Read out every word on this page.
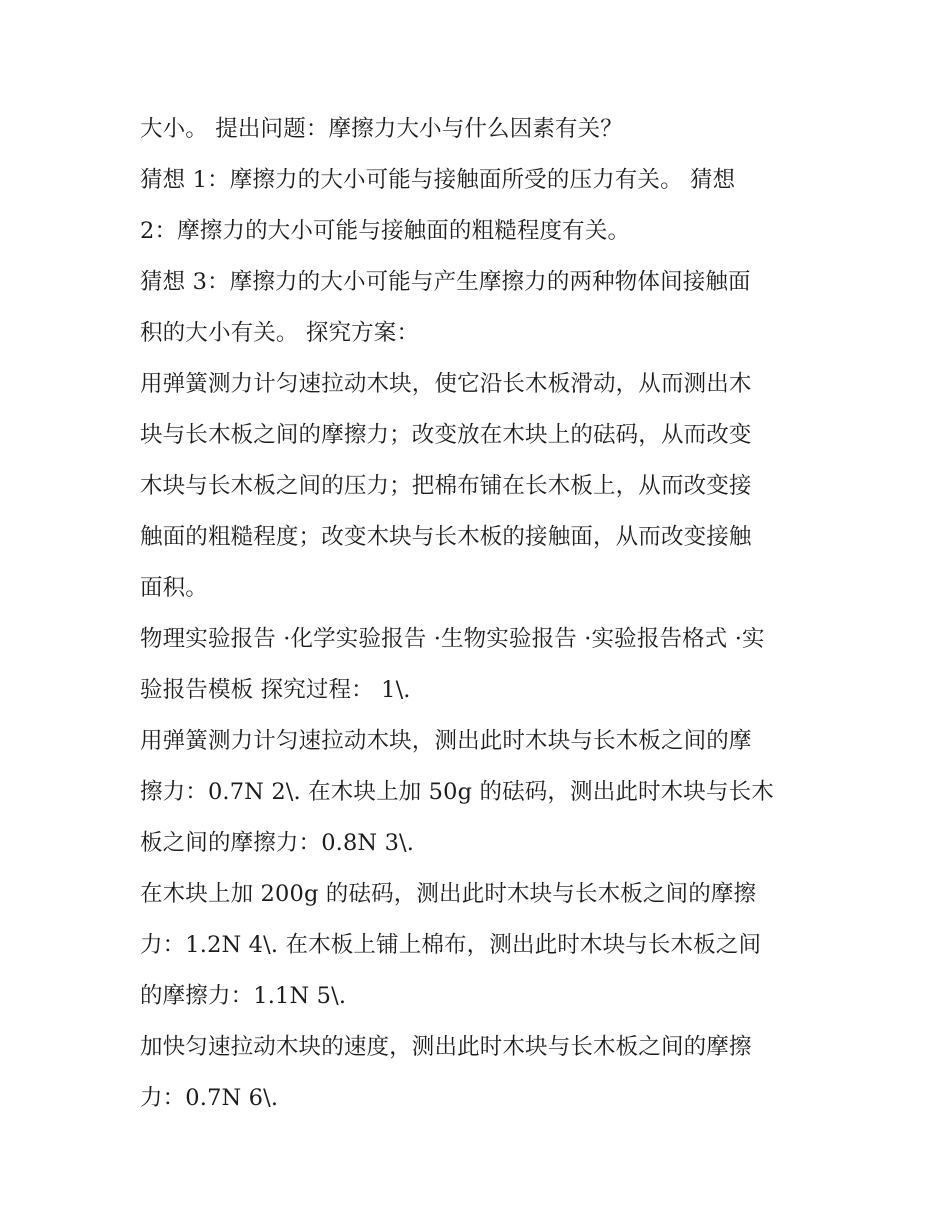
大小。 提出问题：摩擦力大小与什么因素有关？
猜想 1：摩擦力的大小可能与接触面所受的压力有关。 猜想
2：摩擦力的大小可能与接触面的粗糙程度有关。
猜想 3：摩擦力的大小可能与产生摩擦力的两种物体间接触面
积的大小有关。 探究方案：
用弹簧测力计匀速拉动木块，使它沿长木板滑动，从而测出木
块与长木板之间的摩擦力；改变放在木块上的砝码，从而改变
木块与长木板之间的压力；把棉布铺在长木板上，从而改变接
触面的粗糙程度；改变木块与长木板的接触面，从而改变接触
面积。
物理实验报告 ·化学实验报告 ·生物实验报告 ·实验报告格式 ·实
验报告模板 探究过程： 1\.
用弹簧测力计匀速拉动木块，测出此时木块与长木板之间的摩
擦力：0.7N 2\. 在木块上加 50g 的砝码，测出此时木块与长木
板之间的摩擦力：0.8N 3\.
在木块上加 200g 的砝码，测出此时木块与长木板之间的摩擦
力：1.2N 4\. 在木板上铺上棉布，测出此时木块与长木板之间
的摩擦力：1.1N 5\.
加快匀速拉动木块的速度，测出此时木块与长木板之间的摩擦
力：0.7N 6\.
